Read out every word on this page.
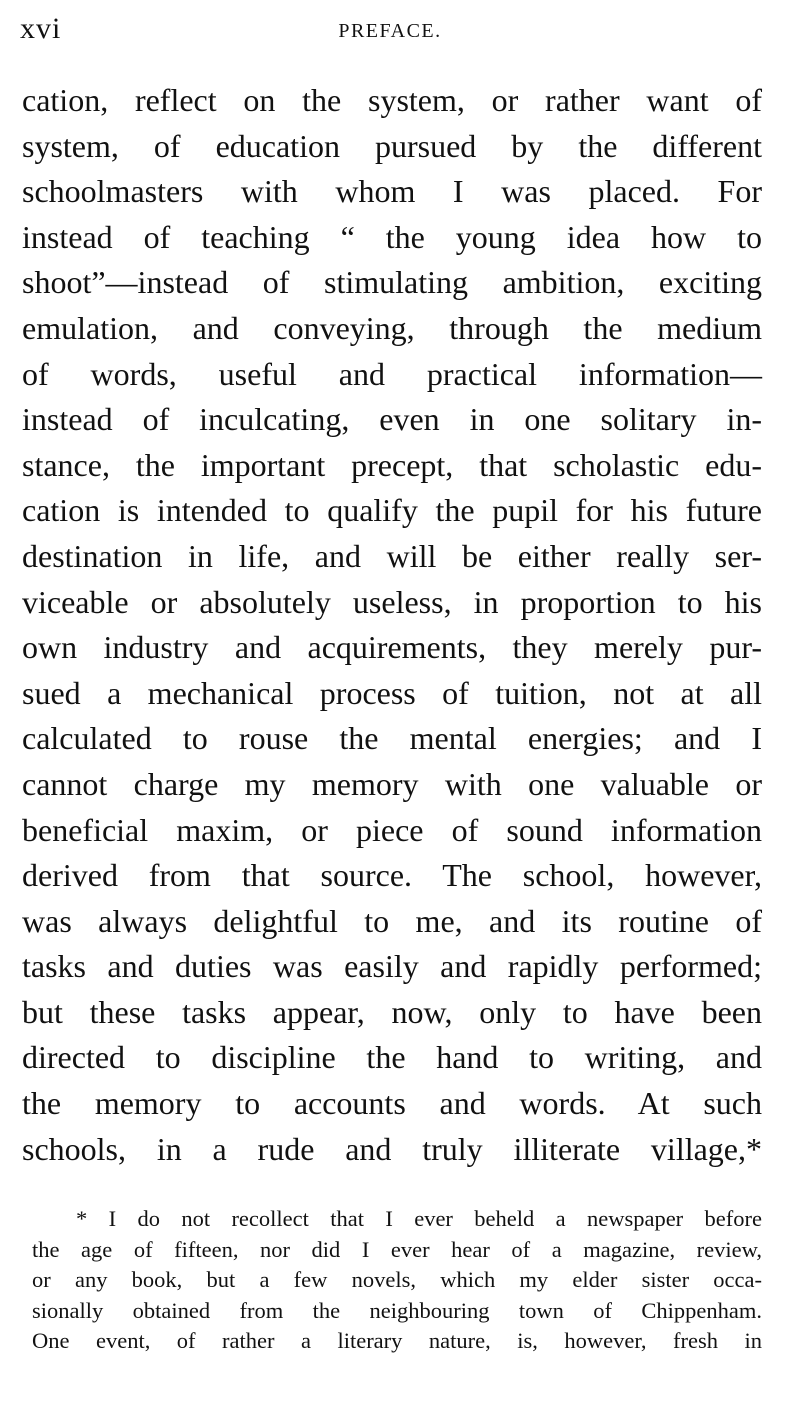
xvi	PREFACE.
cation, reflect on the system, or rather want of
system, of education pursued by the different
schoolmasters with whom I was placed. For
instead of teaching “ the young idea how to
shoot”—instead of stimulating ambition, exciting
emulation, and conveying, through the medium
of words, useful and practical information—
instead of inculcating, even in one solitary in-
stance, the important precept, that scholastic edu-
cation is intended to qualify the pupil for his future
destination in life, and will be either really ser-
viceable or absolutely useless, in proportion to his
own industry and acquirements, they merely pur-
sued a mechanical process of tuition, not at all
calculated to rouse the mental energies; and I
cannot charge my memory with one valuable or
beneficial maxim, or piece of sound information
derived from that source. The school, however,
was always delightful to me, and its routine of
tasks and duties was easily and rapidly performed;
but these tasks appear, now, only to have been
directed to discipline the hand to writing, and
the memory to accounts and words. At such
schools, in a rude and truly illiterate village,*
* I do not recollect that I ever beheld a newspaper before
the age of fifteen, nor did I ever hear of a magazine, review,
or any book, but a few novels, which my elder sister occa-
sionally obtained from the neighbouring town of Chippenham.
One event, of rather a literary nature, is, however, fresh in
